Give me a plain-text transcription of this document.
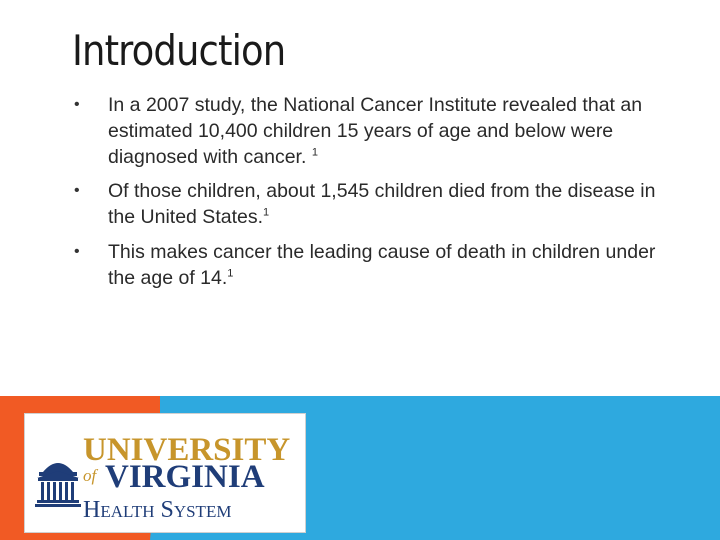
Introduction
• In a 2007 study, the National Cancer Institute revealed that an estimated 10,400 children 15 years of age and below were diagnosed with cancer. $^1$
• Of those children, about 1,545 children died from the disease in the United States.$^1$
• This makes cancer the leading cause of death in children under the age of 14.$^1$
UNIVERSITY
of VIRGINIA
Health System
